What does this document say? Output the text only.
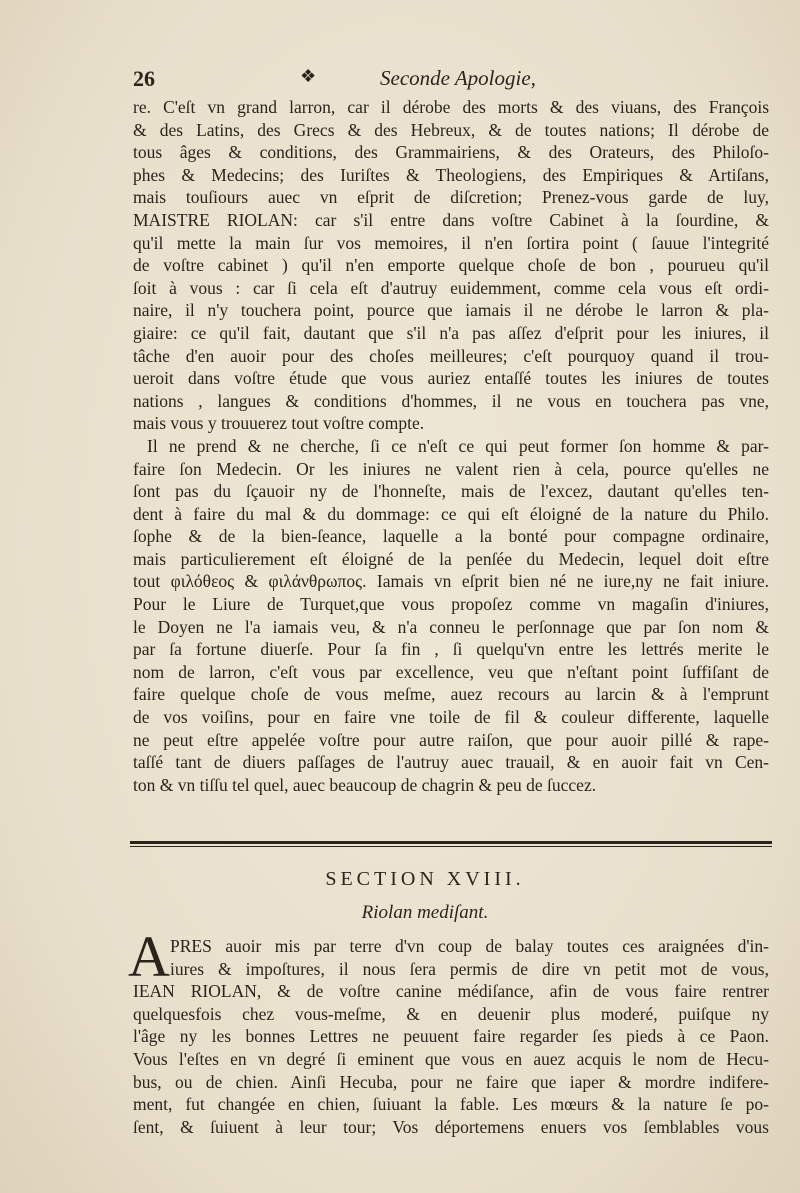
26	❖	Seconde Apologie,

re. C'eſt vn grand larron, car il dérobe des morts & des viuans, des François

& des Latins, des Grecs & des Hebreux, & de toutes nations; Il dérobe de

tous âges & conditions, des Grammairiens, & des Orateurs, des Philoſo-

phes & Medecins; des Iuriſtes & Theologiens, des Empiriques & Artiſans,

mais touſiours auec vn eſprit de diſcretion; Prenez-vous garde de luy,

MAISTRE RIOLAN: car s'il entre dans voſtre Cabinet à la ſourdine, &

qu'il mette la main ſur vos memoires, il n'en ſortira point ( ſauue l'integrité

de voſtre cabinet ) qu'il n'en emporte quelque choſe de bon , pourueu qu'il

ſoit à vous : car ſi cela eſt d'autruy euidemment, comme cela vous eſt ordi-

naire, il n'y touchera point, pource que iamais il ne dérobe le larron & pla-

giaire: ce qu'il fait, dautant que s'il n'a pas aſſez d'eſprit pour les iniures, il

tâche d'en auoir pour des choſes meilleures; c'eſt pourquoy quand il trou-

ueroit dans voſtre étude que vous auriez entaſſé toutes les iniures de toutes

nations , langues & conditions d'hommes, il ne vous en touchera pas vne,

mais vous y trouuerez tout voſtre compte.

Il ne prend & ne cherche, ſi ce n'eſt ce qui peut former ſon homme & par-

faire ſon Medecin. Or les iniures ne valent rien à cela, pource qu'elles ne

ſont pas du ſçauoir ny de l'honneſte, mais de l'excez, dautant qu'elles ten-

dent à faire du mal & du dommage: ce qui eſt éloigné de la nature du Philo.

ſophe & de la bien-ſeance, laquelle a la bonté pour compagne ordinaire,

mais particulierement eſt éloigné de la penſée du Medecin, lequel doit eſtre

tout φιλόθεος & φιλάνθρωπος. Iamais vn eſprit bien né ne iure,ny ne fait iniure.

Pour le Liure de Turquet,que vous propoſez comme vn magaſin d'iniures,

le Doyen ne l'a iamais veu, & n'a conneu le perſonnage que par ſon nom &

par ſa fortune diuerſe. Pour ſa fin , ſi quelqu'vn entre les lettrés merite le

nom de larron, c'eſt vous par excellence, veu que n'eſtant point ſuffiſant de

faire quelque choſe de vous meſme, auez recours au larcin & à l'emprunt

de vos voiſins, pour en faire vne toile de fil & couleur differente, laquelle

ne peut eſtre appelée voſtre pour autre raiſon, que pour auoir pillé & rape-

taſſé tant de diuers paſſages de l'autruy auec trauail, & en auoir fait vn Cen-

ton & vn tiſſu tel quel, auec beaucoup de chagrin & peu de ſuccez.

SECTION XVIII.
Riolan mediſant.
A PRES auoir mis par terre d'vn coup de balay toutes ces araignées d'in-
iures & impoſtures, il nous ſera permis de dire vn petit mot de vous,
IEAN RIOLAN, & de voſtre canine médiſance, afin de vous faire rentrer
quelquesfois chez vous-meſme, & en deuenir plus moderé, puiſque ny
l'âge ny les bonnes Lettres ne peuuent faire regarder ſes pieds à ce Paon.
Vous l'eſtes en vn degré ſi eminent que vous en auez acquis le nom de Hecu-
bus, ou de chien. Ainſi Hecuba, pour ne faire que iaper & mordre indifere-
ment, fut changée en chien, ſuiuant la fable. Les mœurs & la nature ſe po-
ſent, & ſuiuent à leur tour; Vos déportemens enuers vos ſemblables vous
